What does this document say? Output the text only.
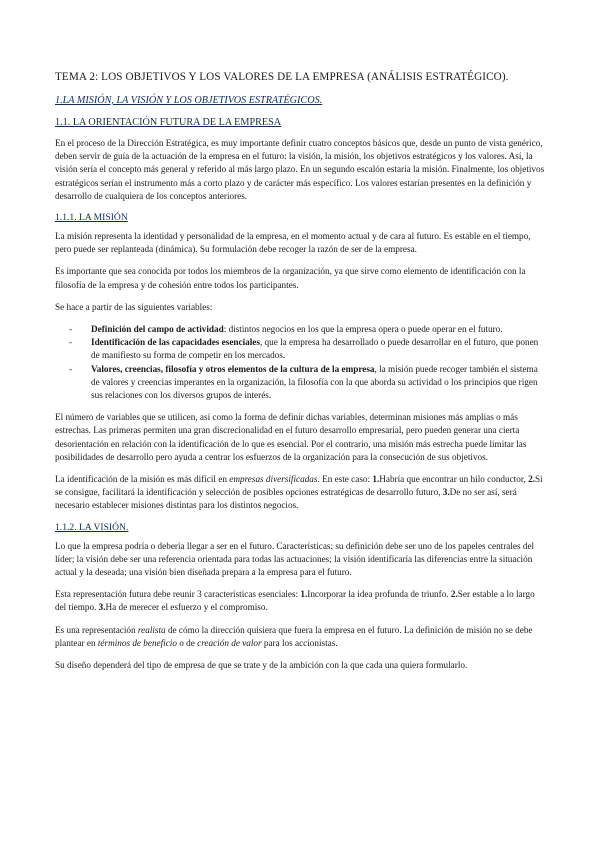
TEMA 2: LOS OBJETIVOS Y LOS VALORES DE LA EMPRESA (ANÁLISIS ESTRATÉGICO).
1.LA MISIÓN, LA VISIÓN Y LOS OBJETIVOS ESTRATÉGICOS.
1.1. LA ORIENTACIÓN FUTURA DE LA EMPRESA

En el proceso de la Dirección Estratégica, es muy importante definir cuatro conceptos básicos que, desde un punto de vista genérico, deben servir de guía de la actuación de la empresa en el futuro: la visión, la misión, los objetivos estratégicos y los valores. Así, la visión sería el concepto más general y referido al más largo plazo. En un segundo escalón estaría la misión. Finalmente, los objetivos estratégicos serían el instrumento más a corto plazo y de carácter más específico. Los valores estarían presentes en la definición y desarrollo de cualquiera de los conceptos anteriores.

1.1.1. LA MISIÓN

La misión representa la identidad y personalidad de la empresa, en el momento actual y de cara al futuro. Es estable en el tiempo, pero puede ser replanteada (dinámica). Su formulación debe recoger la razón de ser de la empresa.

Es importante que sea conocida por todos los miembros de la organización, ya que sirve como elemento de identificación con la filosofía de la empresa y de cohesión entre todos los participantes.

Se hace a partir de las siguientes variables:

- Definición del campo de actividad: distintos negocios en los que la empresa opera o puede operar en el futuro.
- Identificación de las capacidades esenciales, que la empresa ha desarrollado o puede desarrollar en el futuro, que ponen de manifiesto su forma de competir en los mercados.
- Valores, creencias, filosofía y otros elementos de la cultura de la empresa, la misión puede recoger también el sistema de valores y creencias imperantes en la organización, la filosofía con la que aborda su actividad o los principios que rigen sus relaciones con los diversos grupos de interés.

El número de variables que se utilicen, así como la forma de definir dichas variables, determinan misiones más amplias o más estrechas. Las primeras permiten una gran discrecionalidad en el futuro desarrollo empresarial, pero pueden generar una cierta desorientación en relación con la identificación de lo que es esencial. Por el contrario, una misión más estrecha puede limitar las posibilidades de desarrollo pero ayuda a centrar los esfuerzos de la organización para la consecución de sus objetivos.

La identificación de la misión es más difícil en empresas diversificadas. En este caso: 1.Habría que encontrar un hilo conductor, 2.Si se consigue, facilitará la identificación y selección de posibles opciones estratégicas de desarrollo futuro, 3.De no ser así, será necesario establecer misiones distintas para los distintos negocios.

1.1.2. LA VISIÓN.

Lo que la empresa podría o debería llegar a ser en el futuro. Características: su definición debe ser uno de los papeles centrales del líder; la visión debe ser una referencia orientada para todas las actuaciones; la visión identificaría las diferencias entre la situación actual y la deseada; una visión bien diseñada prepara a la empresa para el futuro.

Esta representación futura debe reunir 3 características esenciales: 1.Incorporar la idea profunda de triunfo. 2.Ser estable a lo largo del tiempo. 3.Ha de merecer el esfuerzo y el compromiso.

Es una representación realista de cómo la dirección quisiera que fuera la empresa en el futuro. La definición de misión no se debe plantear en términos de beneficio o de creación de valor para los accionistas.

Su diseño dependerá del tipo de empresa de que se trate y de la ambición con la que cada una quiera formularlo.
